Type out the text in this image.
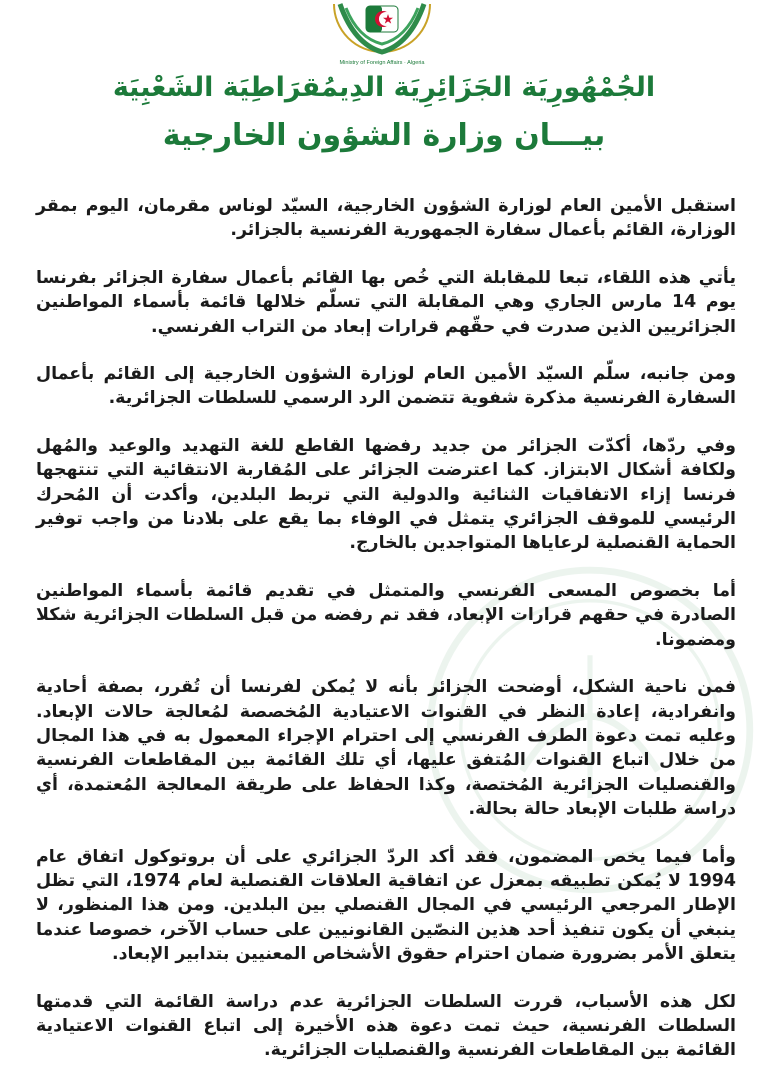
Ministry of Foreign Affairs · Algeria
الجُمْهُورِيَة الجَزَائِرِيَة الدِيمُقرَاطِيَة الشَعْبِيَة
بيـــان وزارة الشؤون الخارجية

استقبل الأمين العام لوزارة الشؤون الخارجية، السيّد لوناس مقرمان، اليوم بمقر الوزارة، القائم بأعمال سفارة الجمهورية الفرنسية بالجزائر.

يأتي هذه اللقاء، تبعا للمقابلة التي خُص بها القائم بأعمال سفارة الجزائر بفرنسا يوم 14 مارس الجاري وهي المقابلة التي تسلّم خلالها قائمة بأسماء المواطنين الجزائريين الذين صدرت في حقّهم قرارات إبعاد من التراب الفرنسي.

ومن جانبه، سلّم السيّد الأمين العام لوزارة الشؤون الخارجية إلى القائم بأعمال السفارة الفرنسية مذكرة شفوية تتضمن الرد الرسمي للسلطات الجزائرية.

وفي ردّها، أكدّت الجزائر من جديد رفضها القاطع للغة التهديد والوعيد والمُهل ولكافة أشكال الابتزاز. كما اعترضت الجزائر على المُقاربة الانتقائية التي تنتهجها فرنسا إزاء الاتفاقيات الثنائية والدولية التي تربط البلدين، وأكدت أن المُحرك الرئيسي للموقف الجزائري يتمثل في الوفاء بما يقع على بلادنا من واجب توفير الحماية القنصلية لرعاياها المتواجدين بالخارج.

أما بخصوص المسعى الفرنسي والمتمثل في تقديم قائمة بأسماء المواطنين الصادرة في حقهم قرارات الإبعاد، فقد تم رفضه من قبل السلطات الجزائرية شكلا ومضمونا.

فمن ناحية الشكل، أوضحت الجزائر بأنه لا يُمكن لفرنسا أن تُقرر، بصفة أحادية وانفرادية، إعادة النظر في القنوات الاعتيادية المُخصصة لمُعالجة حالات الإبعاد. وعليه تمت دعوة الطرف الفرنسي إلى احترام الإجراء المعمول به في هذا المجال من خلال اتباع القنوات المُتفق عليها، أي تلك القائمة بين المقاطعات الفرنسية والقنصليات الجزائرية المُختصة، وكذا الحفاظ على طريقة المعالجة المُعتمدة، أي دراسة طلبات الإبعاد حالة بحالة.

وأما فيما يخص المضمون، فقد أكد الردّ الجزائري على أن بروتوكول اتفاق عام 1994 لا يُمكن تطبيقه بمعزل عن اتفاقية العلاقات القنصلية لعام 1974، التي تظل الإطار المرجعي الرئيسي في المجال القنصلي بين البلدين. ومن هذا المنظور، لا ينبغي أن يكون تنفيذ أحد هذين النصّين القانونيين على حساب الآخر، خصوصا عندما يتعلق الأمر بضرورة ضمان احترام حقوق الأشخاص المعنيين بتدابير الإبعاد.

لكل هذه الأسباب، قررت السلطات الجزائرية عدم دراسة القائمة التي قدمتها السلطات الفرنسية، حيث تمت دعوة هذه الأخيرة إلى اتباع القنوات الاعتيادية القائمة بين المقاطعات الفرنسية والقنصليات الجزائرية.
